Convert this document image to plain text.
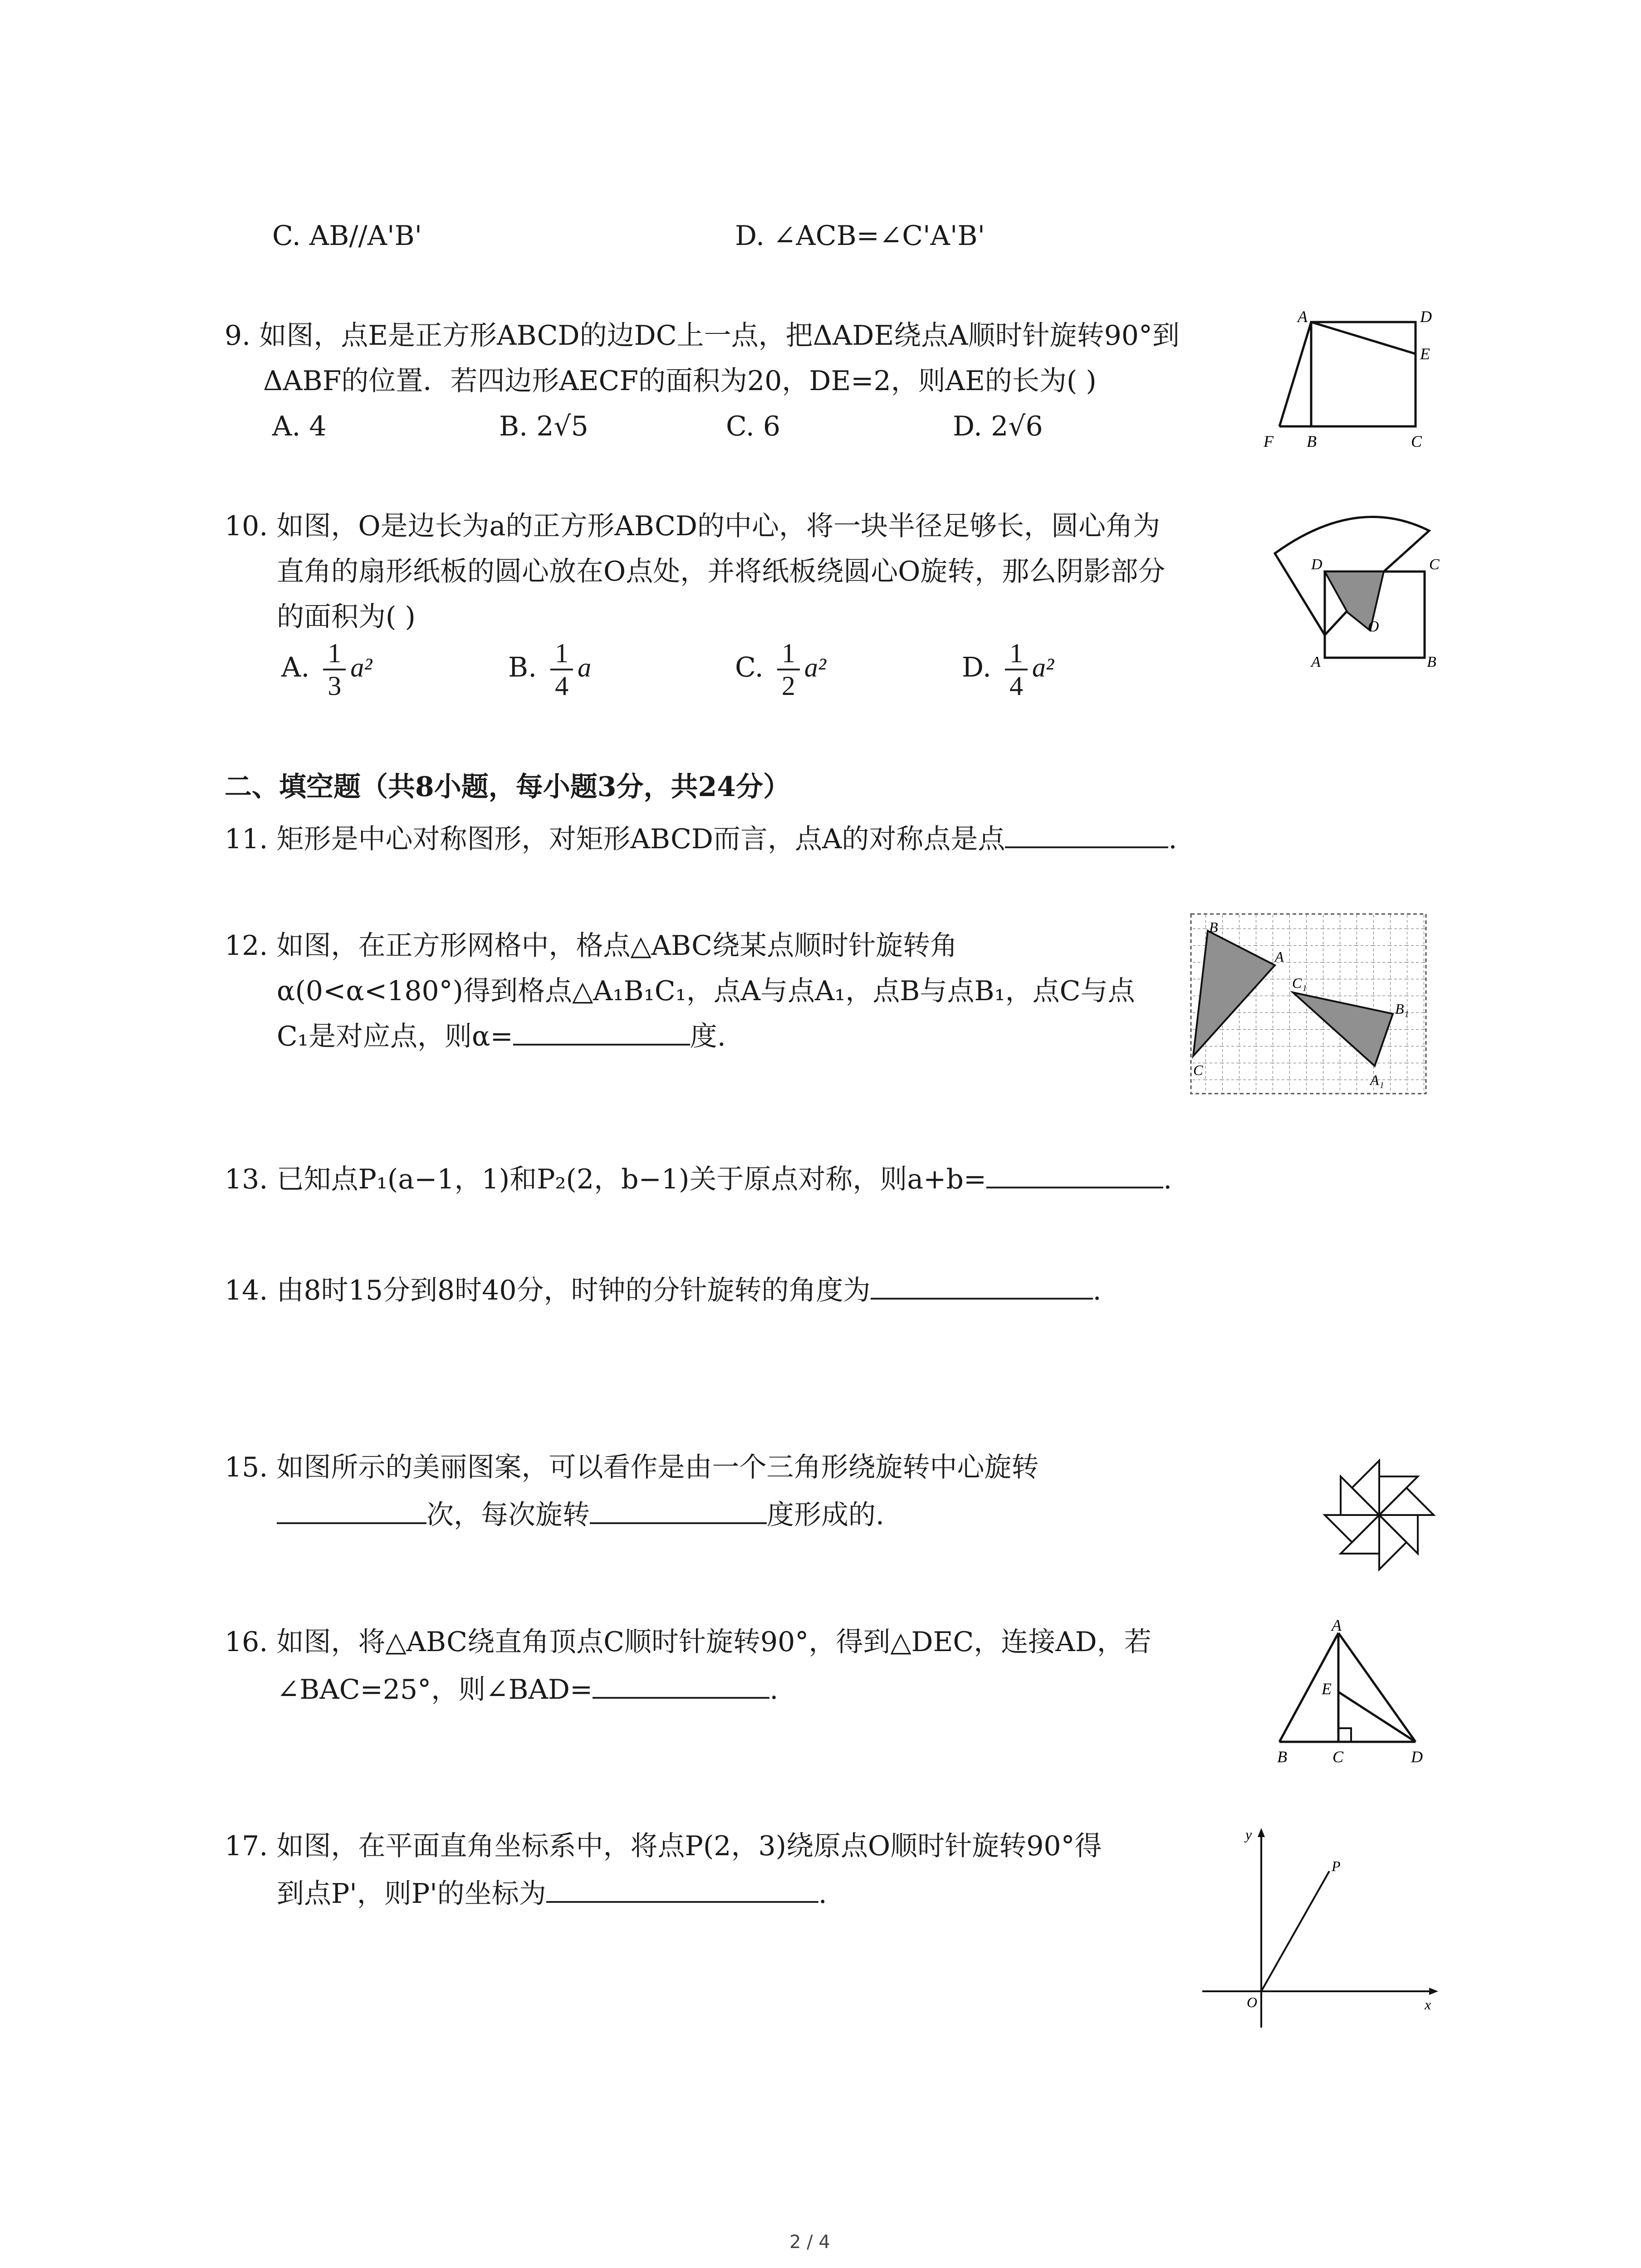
C. AB//A'B'	D. ∠ACB=∠C'A'B'
9. 如图，点E是正方形ABCD的边DC上一点，把ΔADE绕点A顺时针旋转90°到
ΔABF的位置．若四边形AECF的面积为20，DE=2，则AE的长为( )
A. 4	B. 2√5	C. 6	D. 2√6
A	D
E
F B	C
10. 如图，O是边长为a的正方形ABCD的中心，将一块半径足够长，圆心角为
直角的扇形纸板的圆心放在O点处，并将纸板绕圆心O旋转，那么阴影部分
的面积为( )
A. $\frac{1}{3} a^2$	B. $\frac{1}{4}$ a	C. $\frac{1}{2} a^2$	D. $\frac{1}{4} a^2$
D	C
O
A	B
二、填空题（共8小题，每小题3分，共24分）
11. 矩形是中心对称图形，对矩形ABCD而言，点A的对称点是点	.
12. 如图，在正方形网格中，格点△ABC绕某点顺时针旋转角
α(0<α<180°)得到格点△A₁B₁C₁，点A与点A₁，点B与点B₁，点C与点
C₁是对应点，则α=	度.
B
A
C
C₁
B₁
A₁
13. 已知点P₁(a−1，1)和P₂(2，b−1)关于原点对称，则a+b=	.
14. 由8时15分到8时40分，时钟的分针旋转的角度为	.
15. 如图所示的美丽图案，可以看作是由一个三角形绕旋转中心旋转
次，每次旋转	度形成的.
16. 如图，将△ABC绕直角顶点C顺时针旋转90°，得到△DEC，连接AD，若
∠BAC=25°，则∠BAD=	.
A
E
B	C	D
17. 如图，在平面直角坐标系中，将点P(2，3)绕原点O顺时针旋转90°得
到点P'，则P'的坐标为	.
y
x
O
P
2 / 4
